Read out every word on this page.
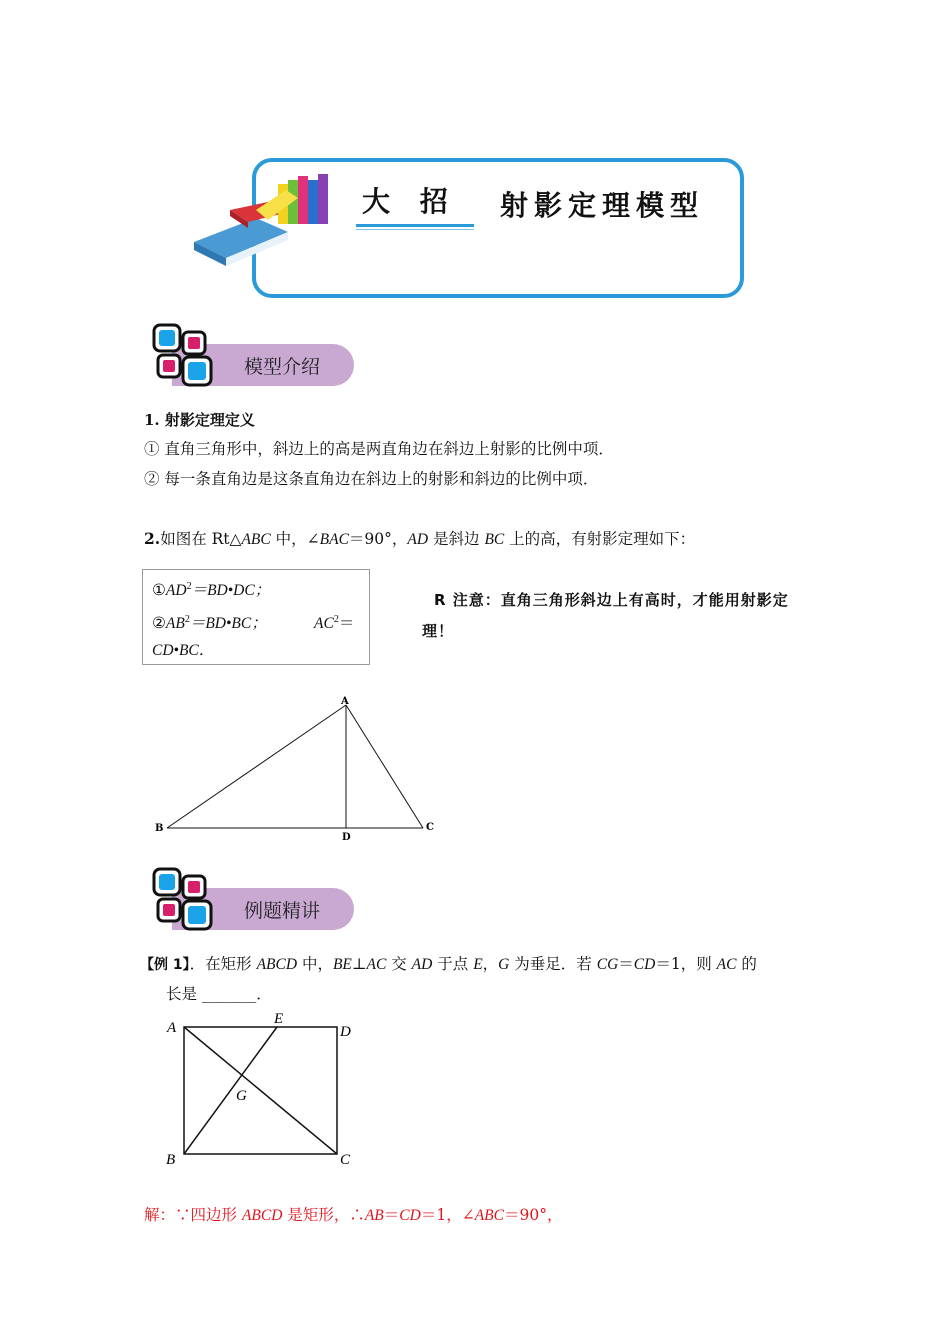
大 招 射影定理模型
模型介绍
1. 射影定理定义
① 直角三角形中，斜边上的高是两直角边在斜边上射影的比例中项．
② 每一条直角边是这条直角边在斜边上的射影和斜边的比例中项．
2.如图在 Rt△ABC 中，∠BAC＝90°，AD 是斜边 BC 上的高，有射影定理如下：
$①AD^2=BD•DC$；
$②AB^2=BD•BC$；	$AC^2=$
CD•BC．
R 注意：直角三角形斜边上有高时，才能用射影定
理！
A
B	C
D
例题精讲
【例 1】．在矩形 ABCD 中，BE⊥AC 交 AD 于点 E，G 为垂足．若 CG＝CD＝1，则 AC 的
长是 _______．
A	D
B	C
E
G
解：∵四边形 ABCD 是矩形，∴AB＝CD＝1，∠ABC＝90°，
